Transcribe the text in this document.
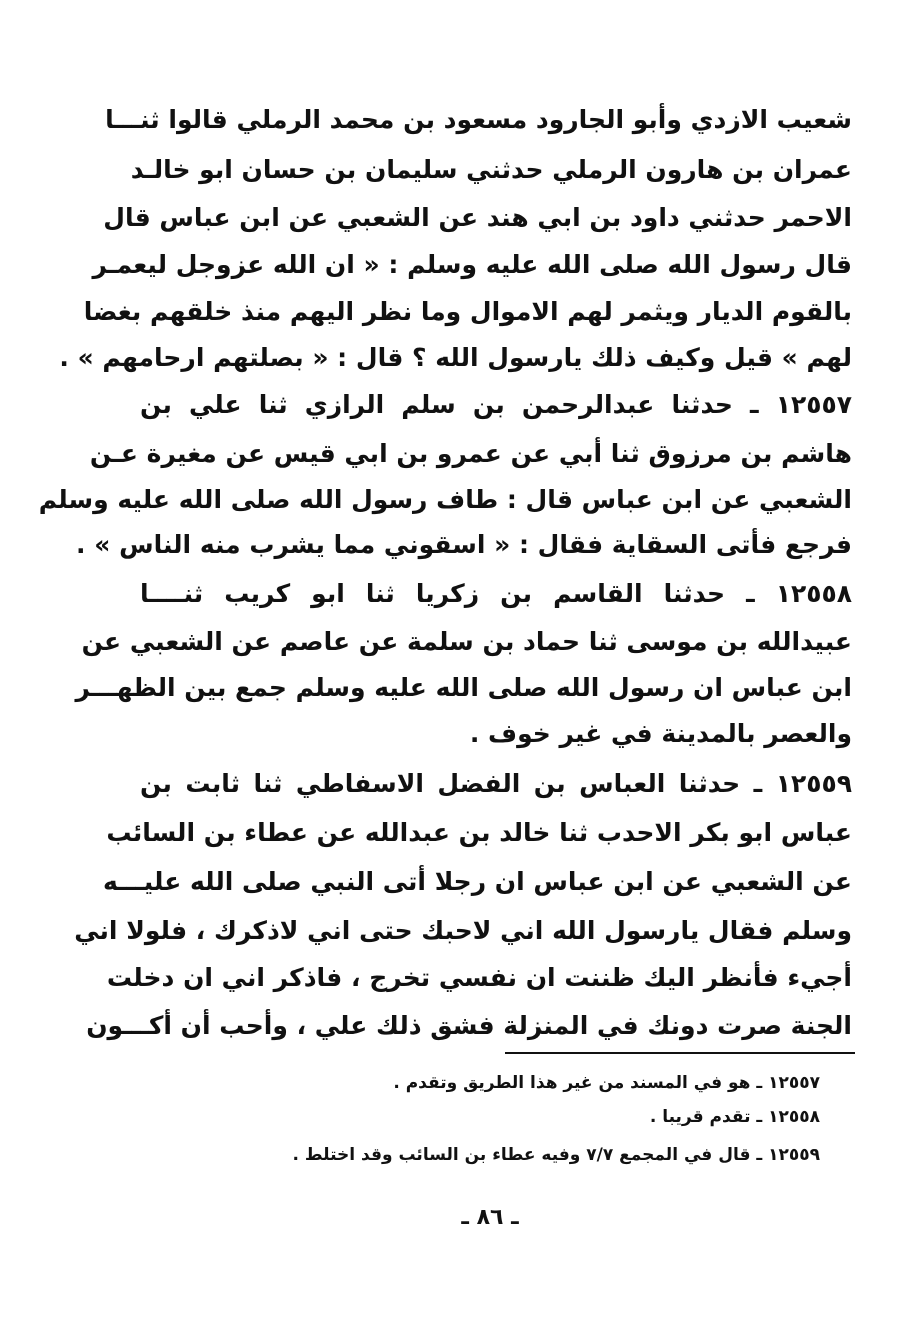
شعيب الازدي وأبو الجارود مسعود بن محمد الرملي قالوا ثنـــا
عمران بن هارون الرملي حدثني سليمان بن حسان ابو خالـد
الاحمر حدثني داود بن ابي هند عن الشعبي عن ابن عباس قال
قال رسول الله صلى الله عليه وسلم : « ان الله عزوجل ليعمـر
بالقوم الديار ويثمر لهم الاموال وما نظر اليهم منذ خلقهم بغضا
لهم » قيل وكيف ذلك يارسول الله ؟ قال : « بصلتهم ارحامهم » .
١٢٥٥٧ ـ حدثنا عبدالرحمن بن سلم الرازي ثنا علي بن
هاشم بن مرزوق ثنا أبي عن عمرو بن ابي قيس عن مغيرة عـن
الشعبي عن ابن عباس قال : طاف رسول الله صلى الله عليه وسلم
فرجع فأتى السقاية فقال : « اسقوني مما يشرب منه الناس » .
١٢٥٥٨ ـ حدثنا القاسم بن زكريا ثنا ابو كريب ثنــــا
عبيدالله بن موسى ثنا حماد بن سلمة عن عاصم عن الشعبي عن
ابن عباس ان رسول الله صلى الله عليه وسلم جمع بين الظهـــر
والعصر بالمدينة في غير خوف .
١٢٥٥٩ ـ حدثنا العباس بن الفضل الاسفاطي ثنا ثابت بن
عباس ابو بكر الاحدب ثنا خالد بن عبدالله عن عطاء بن السائب
عن الشعبي عن ابن عباس ان رجلا أتى النبي صلى الله عليـــه
وسلم فقال يارسول الله اني لاحبك حتى اني لاذكرك ، فلولا اني
أجيء فأنظر اليك ظننت ان نفسي تخرج ، فاذكر اني ان دخلت
الجنة صرت دونك في المنزلة فشق ذلك علي ، وأحب أن أكـــون
١٢٥٥٧ ـ هو في المسند من غير هذا الطريق وتقدم .
١٢٥٥٨ ـ تقدم قريبا .
١٢٥٥٩ ـ قال في المجمع ٧/٧ وفيه عطاء بن السائب وقد اختلط .
ـ ٨٦ ـ
